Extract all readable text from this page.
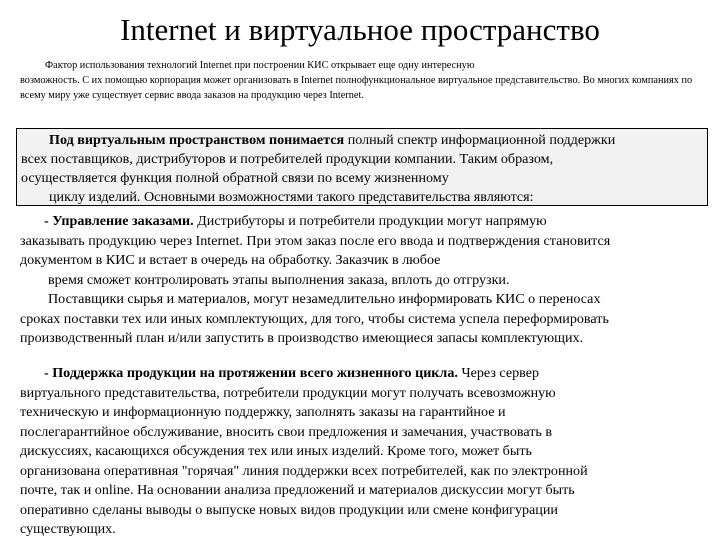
Internet и виртуальное пространство
Фактор использования технологий Internet при построении КИС открывает еще одну интересную
возможность. С их помощью корпорация может организовать в Internet полнофункциональное виртуальное представительство. Во многих компаниях по всему миру уже существует сервис ввода заказов на продукцию через Internet.
Под виртуальным пространством понимается полный спектр информационной поддержки
всех поставщиков, дистрибуторов и потребителей продукции компании. Таким образом,
осуществляется функция полной обратной связи по всему жизненному
циклу изделий. Основными возможностями такого представительства являются:
- Управление заказами. Дистрибуторы и потребители продукции могут напрямую
заказывать продукцию через Internet. При этом заказ после его ввода и подтверждения становится
документом в КИС и встает в очередь на обработку. Заказчик в любое
время сможет контролировать этапы выполнения заказа, вплоть до отгрузки.
Поставщики сырья и материалов, могут незамедлительно информировать КИС о переносах
сроках поставки тех или иных комплектующих, для того, чтобы система успела переформировать
производственный план и/или запустить в производство имеющиеся запасы комплектующих.
- Поддержка продукции на протяжении всего жизненного цикла. Через сервер
виртуального представительства, потребители продукции могут получать всевозможную
техническую и информационную поддержку, заполнять заказы на гарантийное и
послегарантийное обслуживание, вносить свои предложения и замечания, участвовать в
дискуссиях, касающихся обсуждения тех или иных изделий. Кроме того, может быть
организована оперативная "горячая" линия поддержки всех потребителей, как по электронной
почте, так и online. На основании анализа предложений и материалов дискуссии могут быть
оперативно сделаны выводы о выпуске новых видов продукции или смене конфигурации
существующих.
